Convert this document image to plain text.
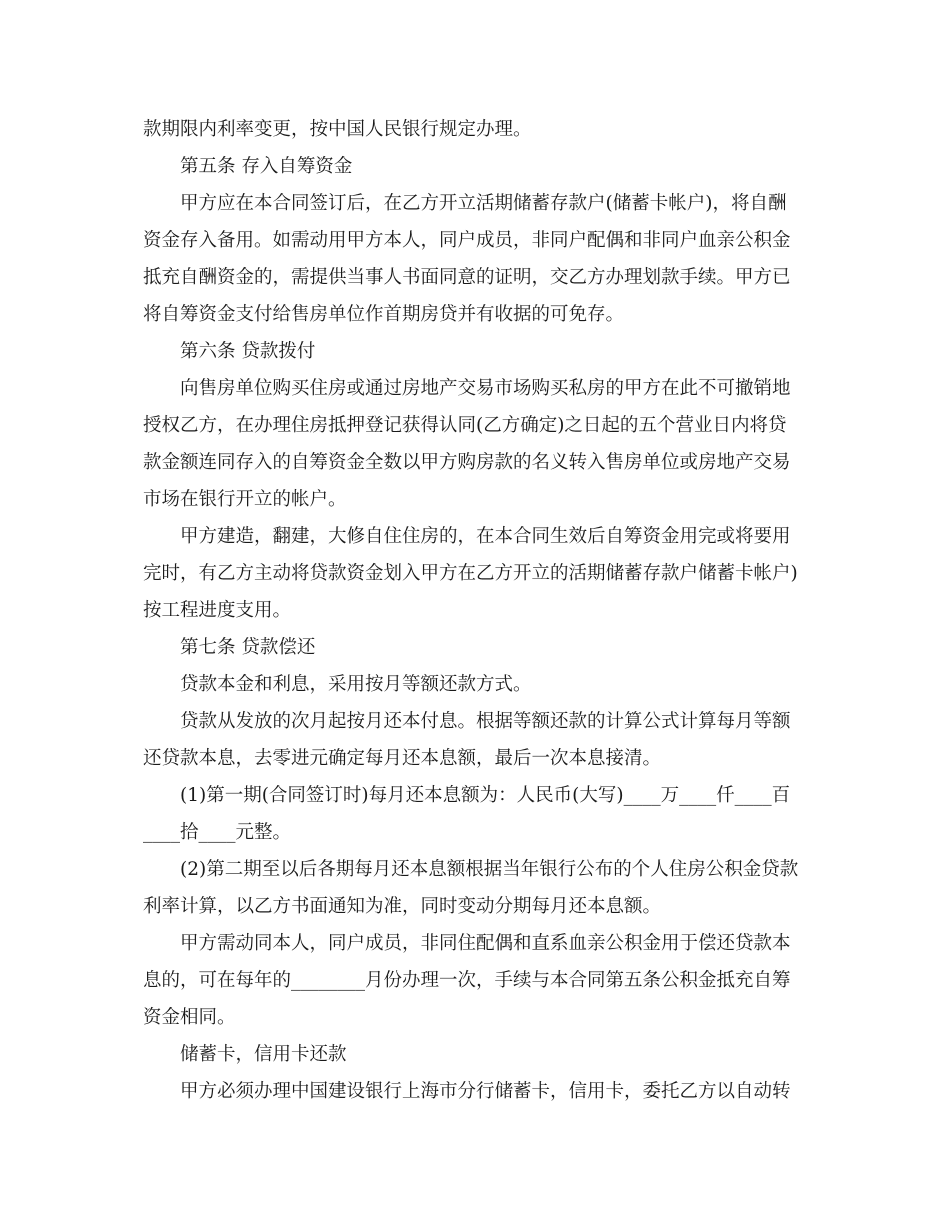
款期限内利率变更，按中国人民银行规定办理。
第五条 存入自筹资金
甲方应在本合同签订后，在乙方开立活期储蓄存款户(储蓄卡帐户)，将自酬
资金存入备用。如需动用甲方本人，同户成员，非同户配偶和非同户血亲公积金
抵充自酬资金的，需提供当事人书面同意的证明，交乙方办理划款手续。甲方已
将自筹资金支付给售房单位作首期房贷并有收据的可免存。
第六条 贷款拨付
向售房单位购买住房或通过房地产交易市场购买私房的甲方在此不可撤销地
授权乙方，在办理住房抵押登记获得认同(乙方确定)之日起的五个营业日内将贷
款金额连同存入的自筹资金全数以甲方购房款的名义转入售房单位或房地产交易
市场在银行开立的帐户。
甲方建造，翻建，大修自住住房的，在本合同生效后自筹资金用完或将要用
完时，有乙方主动将贷款资金划入甲方在乙方开立的活期储蓄存款户储蓄卡帐户)
按工程进度支用。
第七条 贷款偿还
贷款本金和利息，采用按月等额还款方式。
贷款从发放的次月起按月还本付息。根据等额还款的计算公式计算每月等额
还贷款本息，去零进元确定每月还本息额，最后一次本息接清。
(1)第一期(合同签订时)每月还本息额为：人民币(大写)____万____仟____百
____拾____元整。
(2)第二期至以后各期每月还本息额根据当年银行公布的个人住房公积金贷款
利率计算，以乙方书面通知为准，同时变动分期每月还本息额。
甲方需动同本人，同户成员，非同住配偶和直系血亲公积金用于偿还贷款本
息的，可在每年的________月份办理一次，手续与本合同第五条公积金抵充自筹
资金相同。
储蓄卡，信用卡还款
甲方必须办理中国建设银行上海市分行储蓄卡，信用卡，委托乙方以自动转
